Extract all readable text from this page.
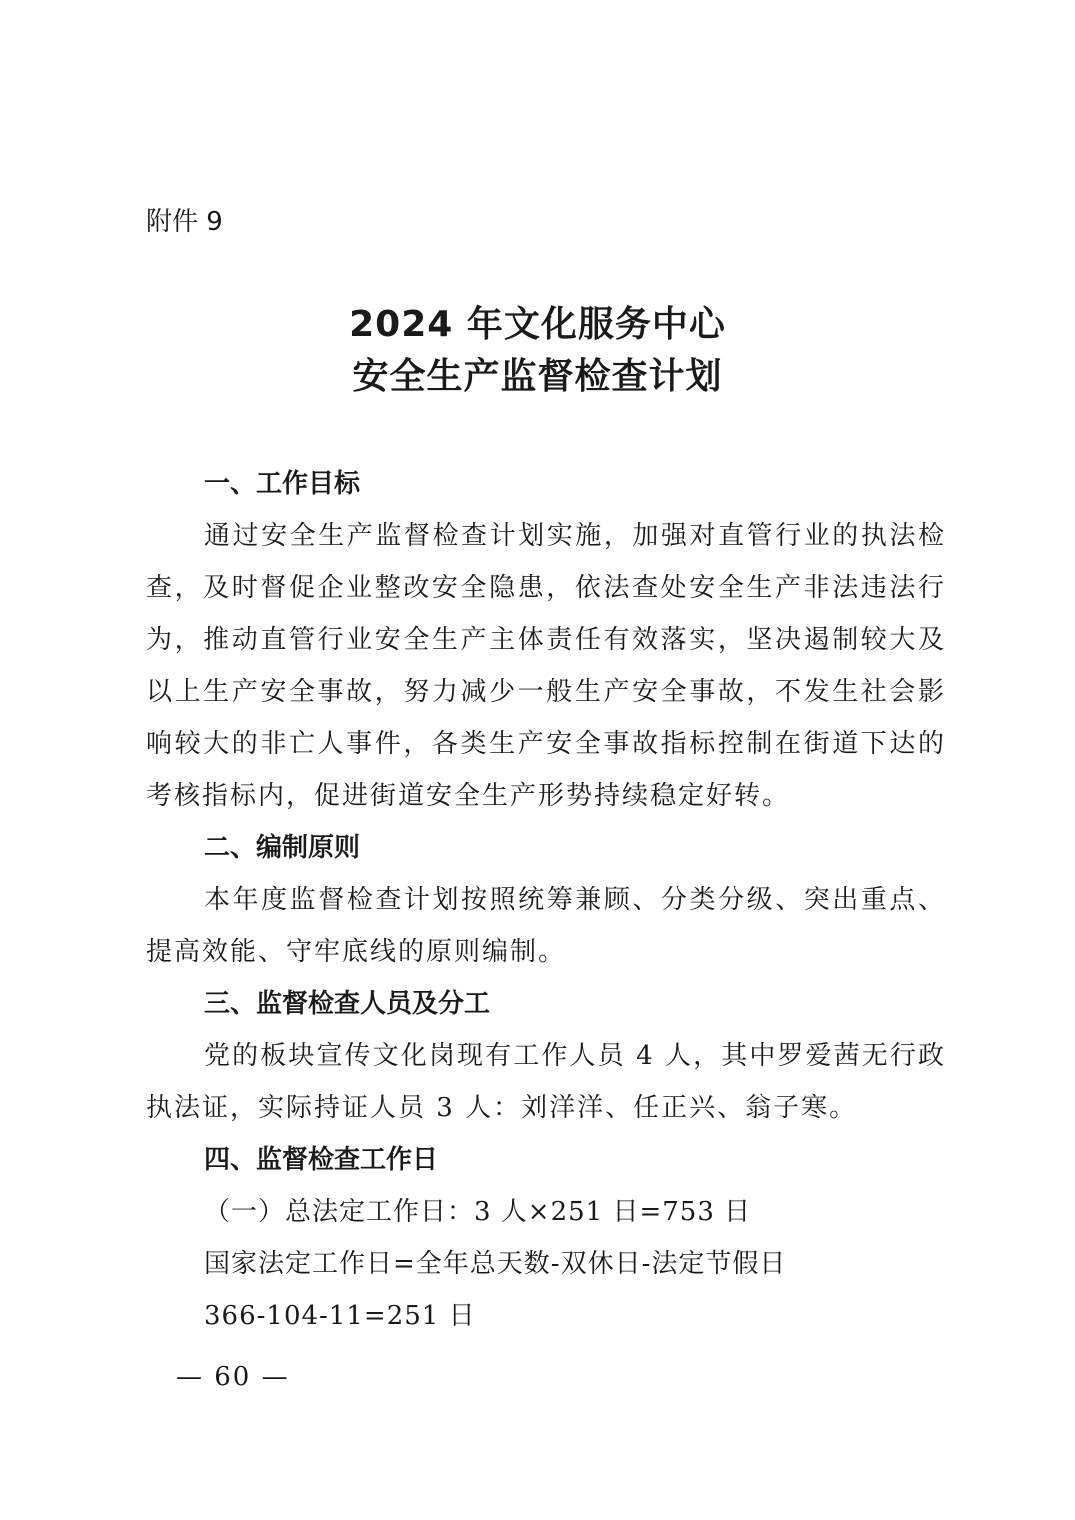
附件 9
2024 年文化服务中心
安全生产监督检查计划
一、工作目标

通过安全生产监督检查计划实施，加强对直管行业的执法检查，及时督促企业整改安全隐患，依法查处安全生产非法违法行为，推动直管行业安全生产主体责任有效落实，坚决遏制较大及以上生产安全事故，努力减少一般生产安全事故，不发生社会影响较大的非亡人事件，各类生产安全事故指标控制在街道下达的考核指标内，促进街道安全生产形势持续稳定好转。

二、编制原则

本年度监督检查计划按照统筹兼顾、分类分级、突出重点、提高效能、守牢底线的原则编制。

三、监督检查人员及分工

党的板块宣传文化岗现有工作人员 4 人，其中罗爱茜无行政执法证，实际持证人员 3 人：刘洋洋、任正兴、翁子寒。

四、监督检查工作日

（一）总法定工作日：3 人×251 日=753 日

国家法定工作日=全年总天数-双休日-法定节假日

366-104-11=251 日

— 60 —
